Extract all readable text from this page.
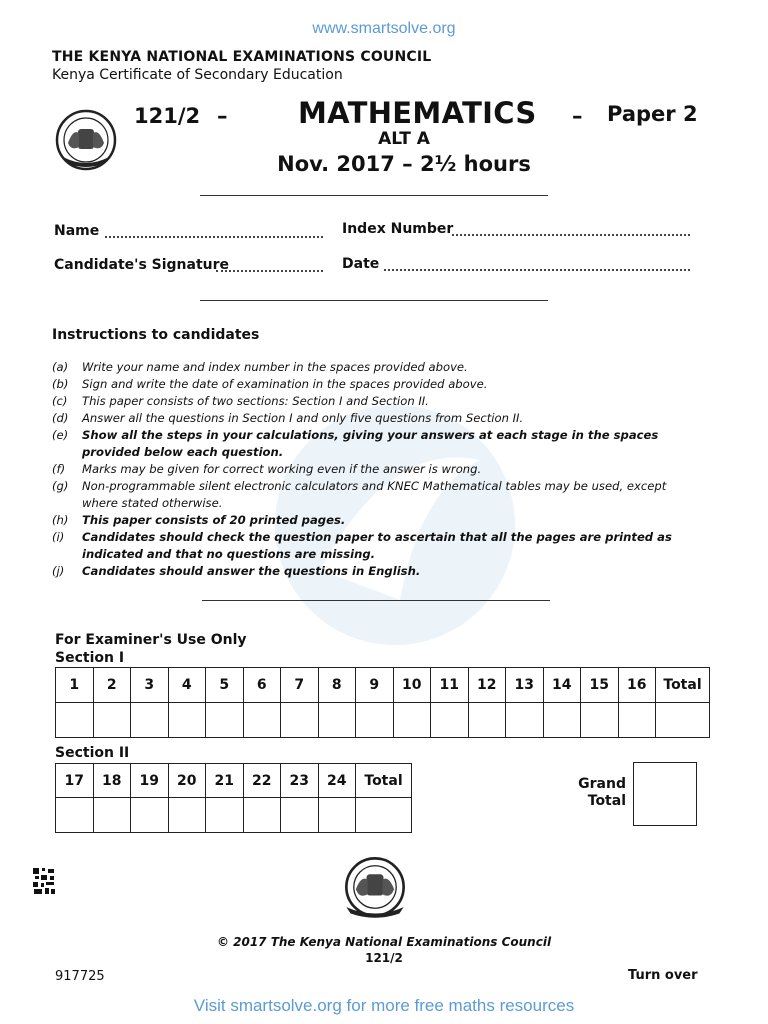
www.smartsolve.org
THE KENYA NATIONAL EXAMINATIONS COUNCIL
Kenya Certificate of Secondary Education
121/2 – MATHEMATICS – Paper 2
ALT A
Nov. 2017 – 2½ hours
Name	Index Number
Candidate's Signature	Date
Instructions to candidates
(a)	Write your name and index number in the spaces provided above.
(b)	Sign and write the date of examination in the spaces provided above.
(c)	This paper consists of two sections: Section I and Section II.
(d)	Answer all the questions in Section I and only five questions from Section II.
(e)	Show all the steps in your calculations, giving your answers at each stage in the spaces provided below each question.
(f)	Marks may be given for correct working even if the answer is wrong.
(g)	Non-programmable silent electronic calculators and KNEC Mathematical tables may be used, except where stated otherwise.
(h)	This paper consists of 20 printed pages.
(i)	Candidates should check the question paper to ascertain that all the pages are printed as indicated and that no questions are missing.
(j)	Candidates should answer the questions in English.
For Examiner's Use Only
Section I
1	2	3	4	5	6	7	8	9	10	11	12	13	14	15	16	Total

Section II
17	18	19	20	21	22	23	24	Total
									Grand Total
© 2017 The Kenya National Examinations Council
121/2
917725	Turn over
Visit smartsolve.org for more free maths resources
